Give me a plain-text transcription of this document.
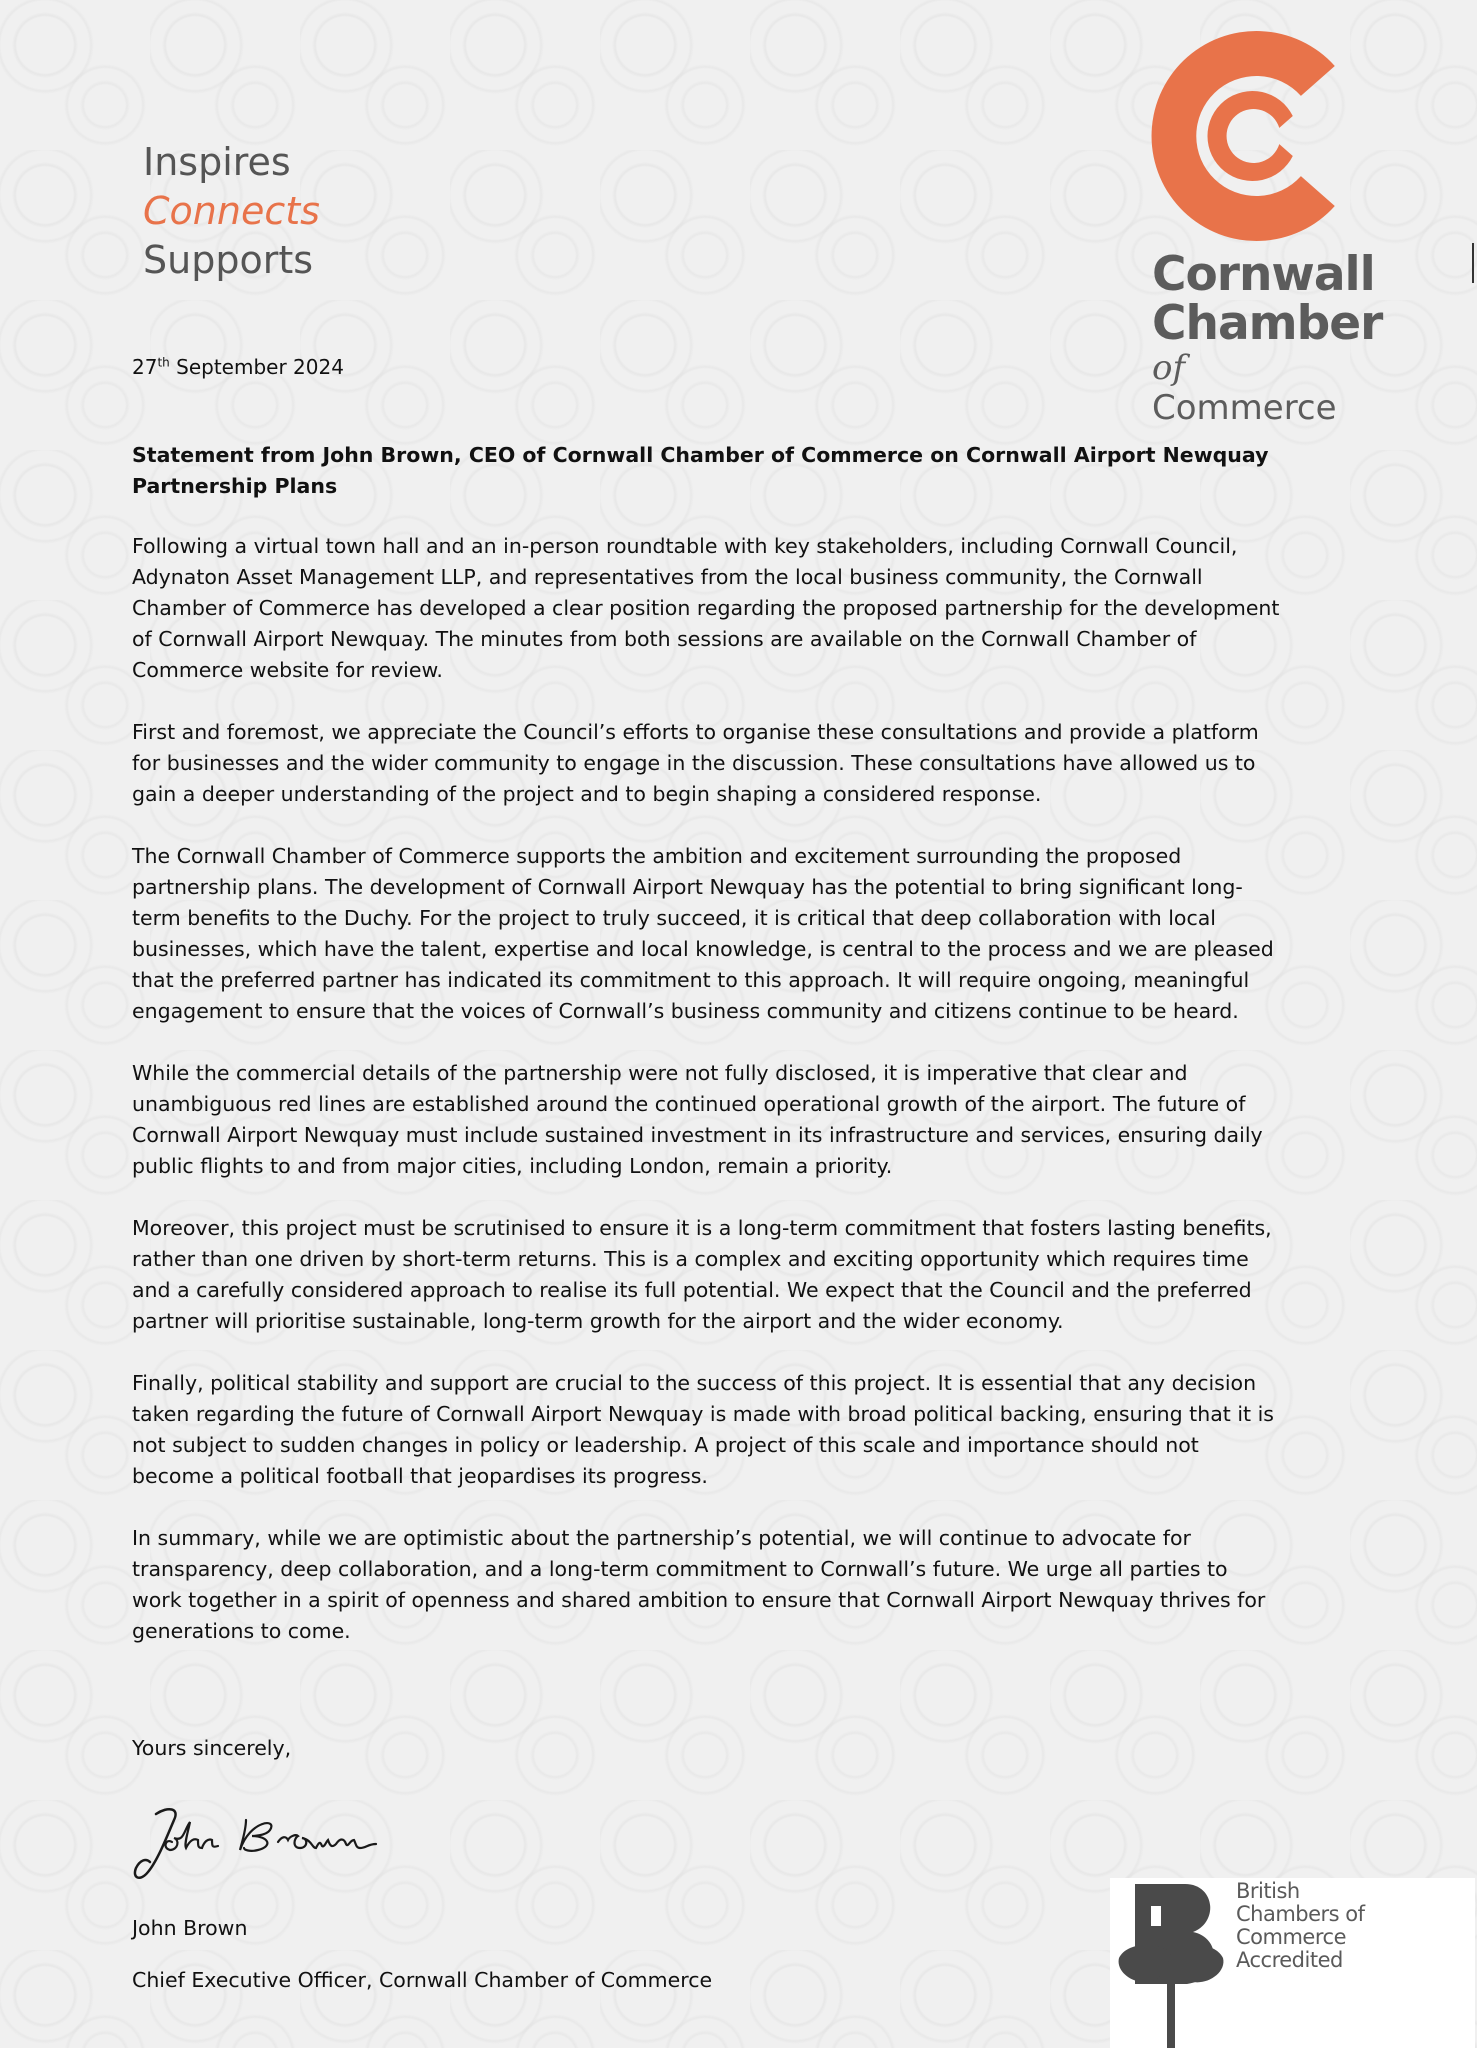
Inspires
Connects
Supports	Cornwall
Chamber
of Commerce
27th September 2024

Statement from John Brown, CEO of Cornwall Chamber of Commerce on Cornwall Airport Newquay Partnership Plans

Following a virtual town hall and an in-person roundtable with key stakeholders, including Cornwall Council, Adynaton Asset Management LLP, and representatives from the local business community, the Cornwall Chamber of Commerce has developed a clear position regarding the proposed partnership for the development of Cornwall Airport Newquay. The minutes from both sessions are available on the Cornwall Chamber of Commerce website for review.

First and foremost, we appreciate the Council’s efforts to organise these consultations and provide a platform for businesses and the wider community to engage in the discussion. These consultations have allowed us to gain a deeper understanding of the project and to begin shaping a considered response.

The Cornwall Chamber of Commerce supports the ambition and excitement surrounding the proposed partnership plans. The development of Cornwall Airport Newquay has the potential to bring significant long-term benefits to the Duchy. For the project to truly succeed, it is critical that deep collaboration with local businesses, which have the talent, expertise and local knowledge, is central to the process and we are pleased that the preferred partner has indicated its commitment to this approach. It will require ongoing, meaningful engagement to ensure that the voices of Cornwall’s business community and citizens continue to be heard.

While the commercial details of the partnership were not fully disclosed, it is imperative that clear and unambiguous red lines are established around the continued operational growth of the airport. The future of Cornwall Airport Newquay must include sustained investment in its infrastructure and services, ensuring daily public flights to and from major cities, including London, remain a priority.

Moreover, this project must be scrutinised to ensure it is a long-term commitment that fosters lasting benefits, rather than one driven by short-term returns. This is a complex and exciting opportunity which requires time and a carefully considered approach to realise its full potential. We expect that the Council and the preferred partner will prioritise sustainable, long-term growth for the airport and the wider economy.

Finally, political stability and support are crucial to the success of this project. It is essential that any decision taken regarding the future of Cornwall Airport Newquay is made with broad political backing, ensuring that it is not subject to sudden changes in policy or leadership. A project of this scale and importance should not become a political football that jeopardises its progress.

In summary, while we are optimistic about the partnership’s potential, we will continue to advocate for transparency, deep collaboration, and a long-term commitment to Cornwall’s future. We urge all parties to work together in a spirit of openness and shared ambition to ensure that Cornwall Airport Newquay thrives for generations to come.

Yours sincerely,
John Brown
Chief Executive Officer, Cornwall Chamber of Commerce
British
Chambers of
Commerce
Accredited
